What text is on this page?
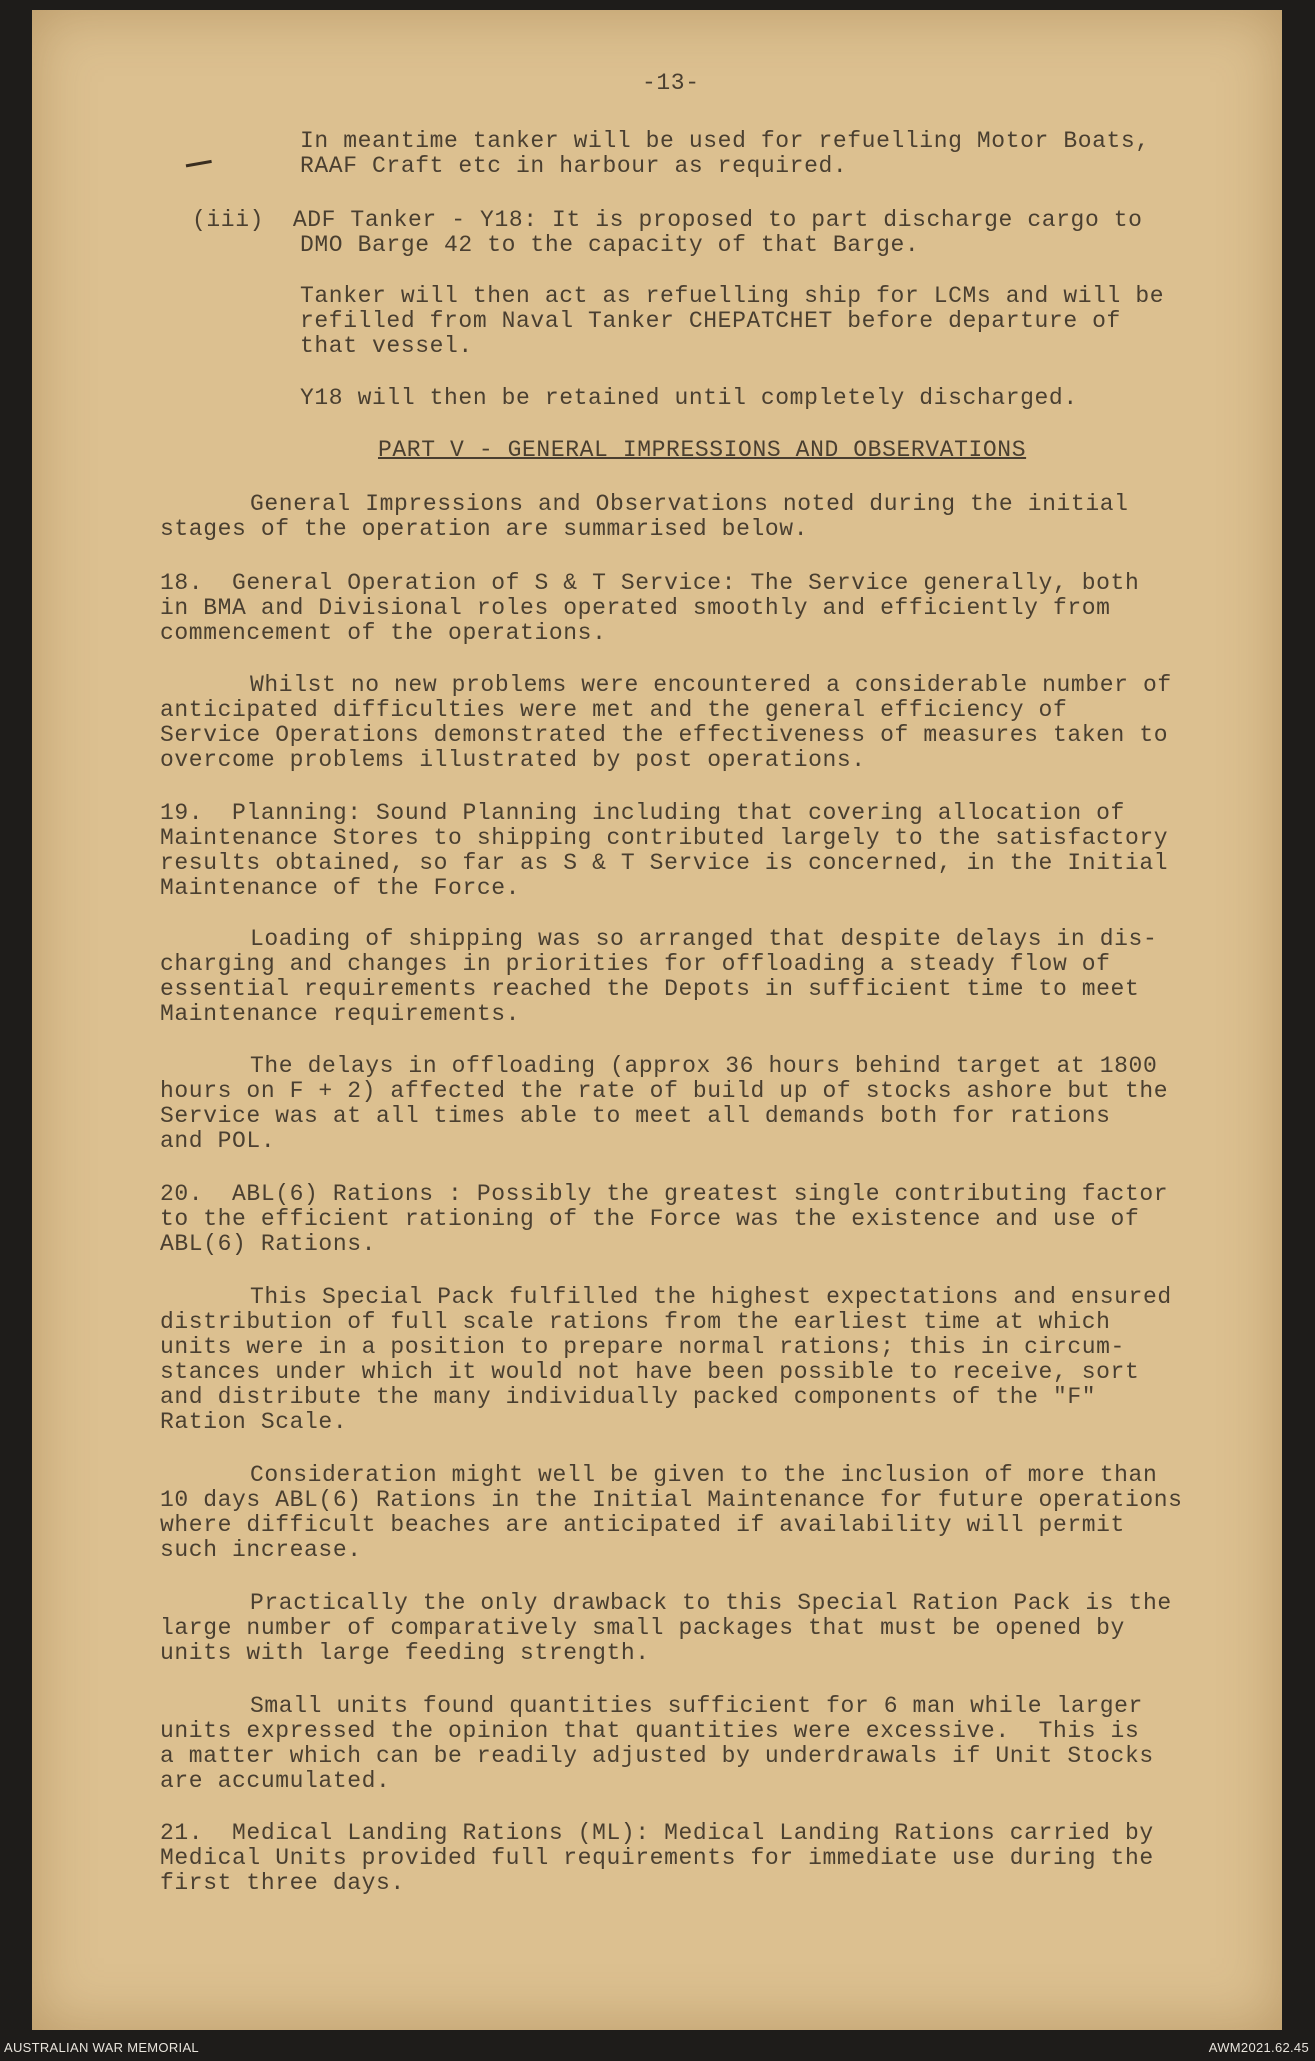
-13-

In meantime tanker will be used for refuelling Motor Boats,
RAAF Craft etc in harbour as required.
(iii)  ADF Tanker - Y18: It is proposed to part discharge cargo to
DMO Barge 42 to the capacity of that Barge.
Tanker will then act as refuelling ship for LCMs and will be
refilled from Naval Tanker CHEPATCHET before departure of
that vessel.
Y18 will then be retained until completely discharged.
PART V - GENERAL IMPRESSIONS AND OBSERVATIONS
General Impressions and Observations noted during the initial
stages of the operation are summarised below.
18.  General Operation of S & T Service: The Service generally, both
in BMA and Divisional roles operated smoothly and efficiently from
commencement of the operations.
Whilst no new problems were encountered a considerable number of
anticipated difficulties were met and the general efficiency of
Service Operations demonstrated the effectiveness of measures taken to
overcome problems illustrated by post operations.
19.  Planning: Sound Planning including that covering allocation of
Maintenance Stores to shipping contributed largely to the satisfactory
results obtained, so far as S & T Service is concerned, in the Initial
Maintenance of the Force.
Loading of shipping was so arranged that despite delays in dis-
charging and changes in priorities for offloading a steady flow of
essential requirements reached the Depots in sufficient time to meet
Maintenance requirements.
The delays in offloading (approx 36 hours behind target at 1800
hours on F + 2) affected the rate of build up of stocks ashore but the
Service was at all times able to meet all demands both for rations
and POL.
20.  ABL(6) Rations : Possibly the greatest single contributing factor
to the efficient rationing of the Force was the existence and use of
ABL(6) Rations.
This Special Pack fulfilled the highest expectations and ensured
distribution of full scale rations from the earliest time at which
units were in a position to prepare normal rations; this in circum-
stances under which it would not have been possible to receive, sort
and distribute the many individually packed components of the "F"
Ration Scale.
Consideration might well be given to the inclusion of more than
10 days ABL(6) Rations in the Initial Maintenance for future operations
where difficult beaches are anticipated if availability will permit
such increase.
Practically the only drawback to this Special Ration Pack is the
large number of comparatively small packages that must be opened by
units with large feeding strength.
Small units found quantities sufficient for 6 man while larger
units expressed the opinion that quantities were excessive.  This is
a matter which can be readily adjusted by underdrawals if Unit Stocks
are accumulated.
21.  Medical Landing Rations (ML): Medical Landing Rations carried by
Medical Units provided full requirements for immediate use during the
first three days.
AUSTRALIAN WAR MEMORIAL	AWM2021.62.45
